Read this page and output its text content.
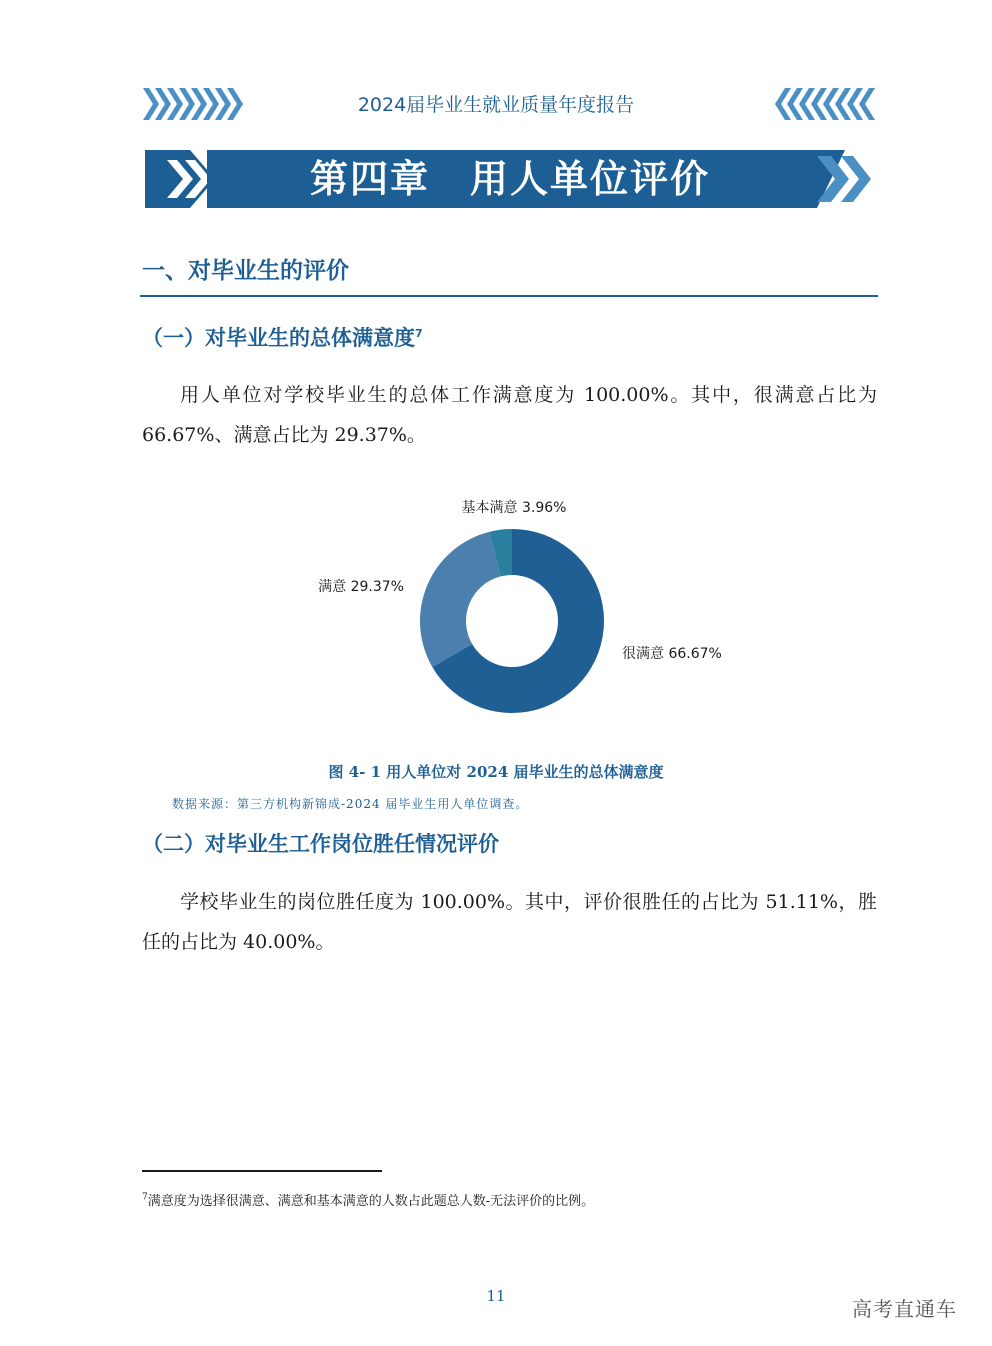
2024届毕业生就业质量年度报告
第四章　用人单位评价
一、对毕业生的评价
（一）对毕业生的总体满意度$^7$
用人单位对学校毕业生的总体工作满意度为 100.00%。其中，很满意占比为 66.67%、满意占比为 29.37%。
很满意 66.67%
满意 29.37%
基本满意 3.96%
图 4- 1 用人单位对 2024 届毕业生的总体满意度
数据来源：第三方机构新锦成-2024 届毕业生用人单位调查。
（二）对毕业生工作岗位胜任情况评价
学校毕业生的岗位胜任度为 100.00%。其中，评价很胜任的占比为 51.11%，胜任的占比为 40.00%。
$^7$满意度为选择很满意、满意和基本满意的人数占此题总人数-无法评价的比例。
11
高考直通车
